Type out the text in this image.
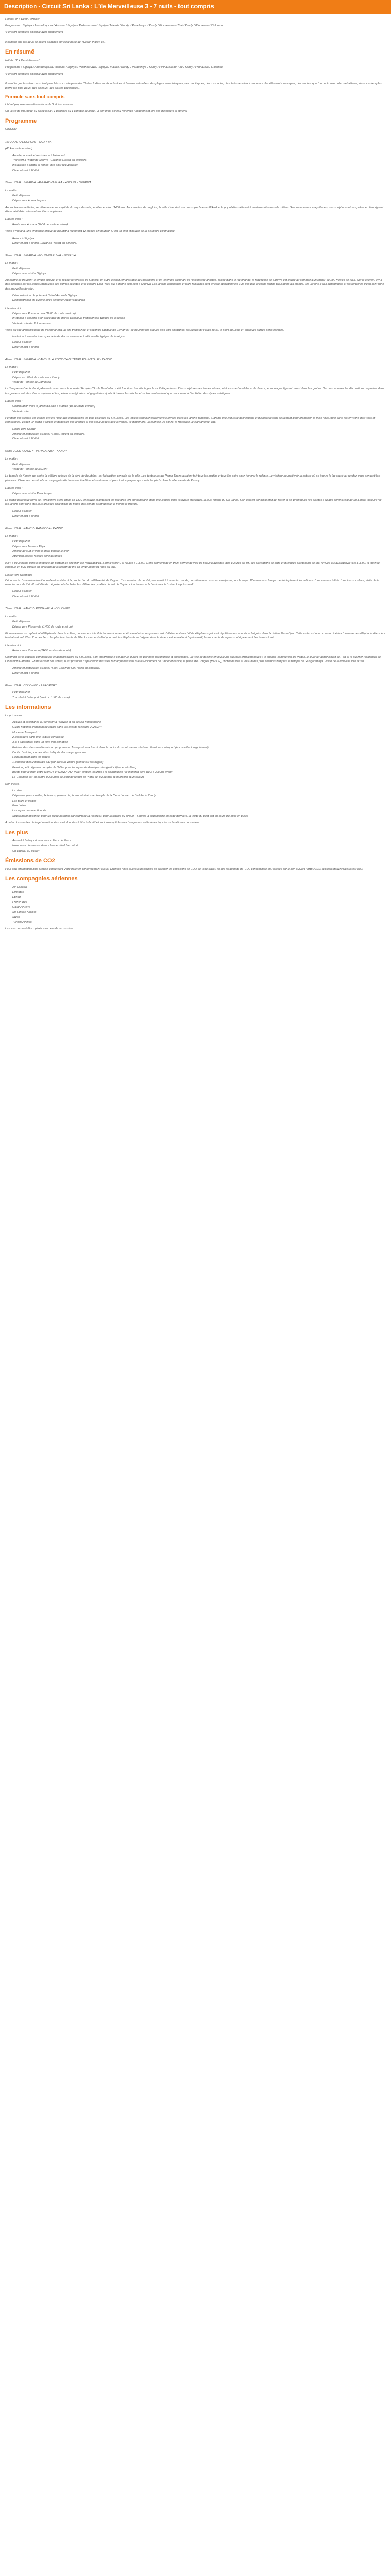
Description - Circuit Sri Lanka : L'île Merveilleuse 3 - 7 nuits - tout compris

Hôtels: 3* + Demi-Pension*

Programme : Sigiriya / Anuradhapura / Aukana / Sigiriya / Polonnaruwa / Sigiriya / Matale / Kandy / Peradeniya / Kandy / Pinnawala ou Thé / Kandy / Pinnawala / Colombo

*Pension complète possible avec supplément

Il semble que les deux se soient penchés sur celle porte de l'Océan Indien en...

En résumé

Hôtels: 3* + Demi-Pension*

Programme : Sigiriya / Anuradhapura / Aukana / Sigiriya / Polonnaruwa / Sigiriya / Matale / Kandy / Peradeniya / Kandy / Pinnawala ou Thé / Kandy / Pinnawala / Colombo

*Pension complète possible avec supplément

Il semble que les dieux se soient penchés sur cette perle de l'Océan Indien en abondant les richesses naturelles, des plages paradisiaques, des montagnes, des cascades, des forêts au vivant rencontre des éléphants sauvages, des plantes que l'on ne trouve nulle part ailleurs, dans ces temples pierre les plus vieux, des oiseaux, des pierres précieuses...

Formule sans tout compris

L'hôtel propose en option la formule Soft tout compris :

Un verre de vin rouge ou blanc local ; 1 bouteille ou 1 canette de bière ; 1 soft drink ou eau minérale (uniquement lors des déjeuners et dîners)

Programme

CIRCUIT

1er JOUR : AEROPORT - SIGIRIYA

(46 km route environ)

• Arrivée, accueil et assistance à l'aéroport
• Transfert à l'hôtel de Sigiriya (Eriyahas Resort ou similaire)
• Installation à l'hôtel et temps libre pour récupération
• Dîner et nuit à l'hôtel

2ème JOUR : SIGIRIYA - ANURADHAPURA - AUKANA - SIGIRIYA

La matin :

• Petit déjeuner
• Départ vers Anuradhapura

Anuradhapura a été le première ancienne capitale du pays des rois pendant environ 1400 ans. Au carrefour de la gloire, la ville s'étendait sur une superficie de 52km2 et la population s'élevait à plusieurs dizaines de milliers. Ses monuments magnifiques, ses sculptures et ses palais en témoignent d'une véritable culture et traditions originales.

L'après-midi :

• Route vers Aukana (2h00 de route environ)

Visite d'Aukana, une immense statue de Bouddha mesurant 12 mètres en hauteur. C'est un chef d'oeuvre de la sculpture cinghalaise.

• Retour à Sigiriya
• Dîner et nuit à l'hôtel (Eriyahas Resort ou similaire)

3ème JOUR : SIGIRIYA - POLONNARUWA - SIGIRIYA

La matin :

• Petit déjeuner
• Départ pour visiter Sigiriya

Au centre se trouvent le temple culturel et le rocher forteresse de Sigiriya, un autre exploit remarquable de l'ingénierie et un exemple étonnant de l'urbanisme antique. Taillée dans le roc orange, la forteresse de Sigiriya est située au sommet d'un rocher de 200 mètres de haut. Sur le chemin, il y a des fresques sur les parois rocheuses des dames célestes et le célèbre Lion Rock qui a donné son nom à Sigiriya. Les jardins aquatiques et leurs fontaines sont encore opérationnels, l'un des plus anciens jardins paysagers au monde. Les jardins d'eau symétriques et les fontaines d'eau sont l'une des merveilles du site.

• Démonstration de poterie à l'hôtel Aurvéda Sigiriya
• Démonstration de cuisine avec déjeuner local végétarien

L'après-midi :

• Départ vers Polonnaruwa (1h00 de route environ)
• Invitation à assister à un spectacle de danse classique traditionnelle typique de la région
• Visite du site de Polonnaruwa

Visite du site archéologique de Polonnaruwa, le site traditionnel et seconde capitale de Ceylan où se trouvent les statues des trois bouddhas, les ruines du Palais royal, le Bain du Lotus et quelques autres petits édifices.

• Invitation à assister à un spectacle de danse classique traditionnelle typique de la région
• Retour à l'hôtel
• Dîner et nuit à l'hôtel

4ème JOUR : SIGIRIYA - DAMBULLA ROCK CAVE TEMPLES - MATALE - KANDY

La matin :

• Petit déjeuner
• Départ en début de route vers Kandy
• Visite de Temple de Dambulla

Le Temple de Dambulla, également connu sous le nom de Temple d'Or de Dambulla, a été fondé au 1er siècle par le roi Valagambahu. Des sculptures anciennes et des peintures de Bouddha et de divers personnages figurent aussi dans les grottes. On peut admirer les décorations originales dans les grottes centrales. Les sculptures et les peintures originales ont gagné des ajouts à travers les siècles et se trouvent en tant que monument à l'évolution des styles artistiques.

L'après-midi :

• Continuation vers le jardin d'Epice à Matale (1h de route environ)
• Visite du site

Pendant des siècles, les épices ont été l'une des exportations les plus célèbres du Sri Lanka. Les épices sont principalement cultivées dans les jardins familiaux. L'arome une industrie domestique et d'artisanat sont seulement pour promotion la mise hors route dans les environs des villes et campagnes. Visitez un jardin d'épices et dégustez des arômes et des saveurs tels que la vanille, le gingembre, la cannelle, le poivre, la muscade, le cardamome, etc.

• Route vers Kandy
• Arrivée et installation à l'hôtel (Earl's Regent ou similaire)
• Dîner et nuit à l'hôtel

5ème JOUR : KANDY - PERADENIYA - KANDY

La matin :

• Petit déjeuner
• Visite du Temple de la Dent

Le temple de Kandy, qui abrite la célèbre relique de la dent du Bouddha, est l'attraction centrale de la ville. Les tentateurs de Pagan Thera auraient fait tous les matins et tous les soirs pour honorer la relique. Le visiteur pourrait voir la culture où se trouve le lac sacré au rendez-vous pendant les périodes. Observez ces rituels accompagnés de tambours traditionnels est un must pour tout voyageur qui a mis les pieds dans la ville sacrée de Kandy.

L'après-midi :

• Départ pour visiter Peradeniya

Le jardin botanique royal de Peradeniya a été établi en 1821 et couvre maintenant 60 hectares, en surplombant, dans une boucle dans la rivière Mahaweli, la plus longue du Sri Lanka. Son objectif principal était de tester et de promouvoir les plantes à usage commercial au Sri Lanka. Aujourd'hui les jardins sont l'une des plus grandes collections de fleurs des climats subtropicaux à travers le monde.

• Retour à l'hôtel
• Dîner et nuit à l'hôtel

6ème JOUR : KANDY - RAMBODA - KANDY

La matin :

• Petit déjeuner
• Départ vers Nuwara Eliya
• Arrivée au sud et vers la gare pendre le train
• Attention places restées sont garanties

Il n'y a deux trains dans la matinée qui partent en direction de Nawalapitiya, il arrive 08H40 et l'autre à 10H00. Cette promenade en train permet de voir de beaux paysages, des cultures de riz, des plantations de café et quelques plantations de thé. Arrivée à Nawalapitiya vers 10H00, la journée continue en bus/ voiture en direction de la région de thé en empruntant la route du thé.

Route vers Ramboda

Découverte d'une usine traditionnelle et assister à la production du célèbre thé de Ceylan. L'exportation de ce thé, renommé à travers le monde, constitue une ressource majeure pour le pays. D'immenses champs de thé tapissent les collines d'une verdure infinie. Une fois sur place, visite de la manufacture de thé. Possibilité de déguster et d'acheter les différentes qualités de thé de Ceylan directement à la boutique de l'usine. L'après - midi

• Retour à l'hôtel
• Dîner et nuit à l'hôtel

7ème JOUR : KANDY - PINNAWELA - COLOMBO

La matin :

• Petit déjeuner
• Départ vers Pinnawala (1H00 de route environ)

Pinnawala est un orphelinat d'éléphants dans la colline, un moment à la fois impressionnant et étonnant où vous pourrez voir l'allaitement des bébés éléphants qui sont régulièrement nourris et baignés dans la rivière Maha Oya. Cette visite est une occasion idéale d'observer les éléphants dans leur habitat naturel. C'est l'un des lieux les plus fascinants de l'île. Le moment idéal pour voir les éléphants se baigner dans la rivière est le matin et l'après-midi, les moments de repas sont également fascinants à voir.

L'après-midi :

• Retour vers Colombo (2H00 environ de route)

Colombo est la capitale commerciale et administrative du Sri Lanka. Son importance s'est accrue durant les périodes hollandaise et britannique. La ville se décline en plusieurs quartiers emblématiques : le quartier commercial de Pettah, le quartier administratif de Fort et le quartier résidentiel de Cinnamon Gardens. En traversant ces zones, il est possible d'apercevoir des sites remarquables tels que le Monument de l'Indépendance, le palais de Congrès (BMICH), l'hôtel de ville et de l'un des plus célèbres temples, le temple de Gangaramaya. Visite de la nouvelle ville aussi.

• Arrivée et installation à l'hôtel (Solty Colombo City Hotel ou similaire)
• Dîner et nuit à l'hôtel

8ème JOUR : COLOMBO - AEROPORT

• Petit déjeuner
• Transfert à l'aéroport (environ 1h00 de route)
Les informations

Le prix inclus :

• Accueil et assistance à l'aéroport à l'arrivée et au départ francophone
• Guide national francophone inclus dans les circuits (excepté 2023/24)
• Mode de Transport :
• 2 passagers dans une voiture climatisée
• 3 à 4 passagers dans un mini-van climatisé
• Entrées des sites mentionnés au programme. Transport sera fourni dans le cadre du circuit de transfert de départ vers aéroport (en modifiant supplément).
• Droits d'entrée pour les sites indiqués dans le programme
• Hébergement dans les hôtels
• 1 bouteille d'eau minérale par jour dans la voiture (aérée sur les trajets)
• Pension petit déjeuner complet de l'hôtel pour les repas de demi-pension (petit déjeuner et dîner)
• Billets pour le train entre KANDY et NANU-OYA (Aller simple) (soumis à la disponibilité ; le transfert sera de 2 à 3 jours avant)
• Le Colombo est au centre du journal de bord du retour de l'hôtel ce qui permet d'en profiter d'un séjour)

Non inclus :

• Le visa
• Dépenses personnelles, boissons, permis de photos et vidéos au temple de la Dent/ bureau de Buddha à Kandy
• Les tours et visites
• Pourboires
• Les repas non mentionnés
• Supplément optionnel pour un guide national francophone (à réserver) pour la totalité du circuit – Soumis à disponibilité en cette dernière, la visite du billet est en cours de mise en place

A noter: Les durées de trajet mentionnées sont données à titre indicatif et sont susceptibles de changement suite à des imprévus climatiques ou routiers.

Les plus
• Accueil à l'aéroport avec des colliers de fleurs
• Nous vous donnerons dans chaque hôtel bien situé
• Un cadeau au départ
Émissions de CO2

Pour une information plus précise concernant votre trajet et conformément à la loi Grenelle nous avons la possibilité de calculer les émissions de CO2 de votre trajet, tel que la quantité de CO2 consommée en l'espace sur le lien suivant : http://www.ecologie.gouv.fr/calculateur-co2/

Les compagnies aériennes
• Air Canada
• Emirates
• Etihad
• French Bee
• Qatar Airways
• Sri Lankan Airlines
• Swiss
• Turkish Airlines

Les vols peuvent être opérés avec escale ou un stop...
